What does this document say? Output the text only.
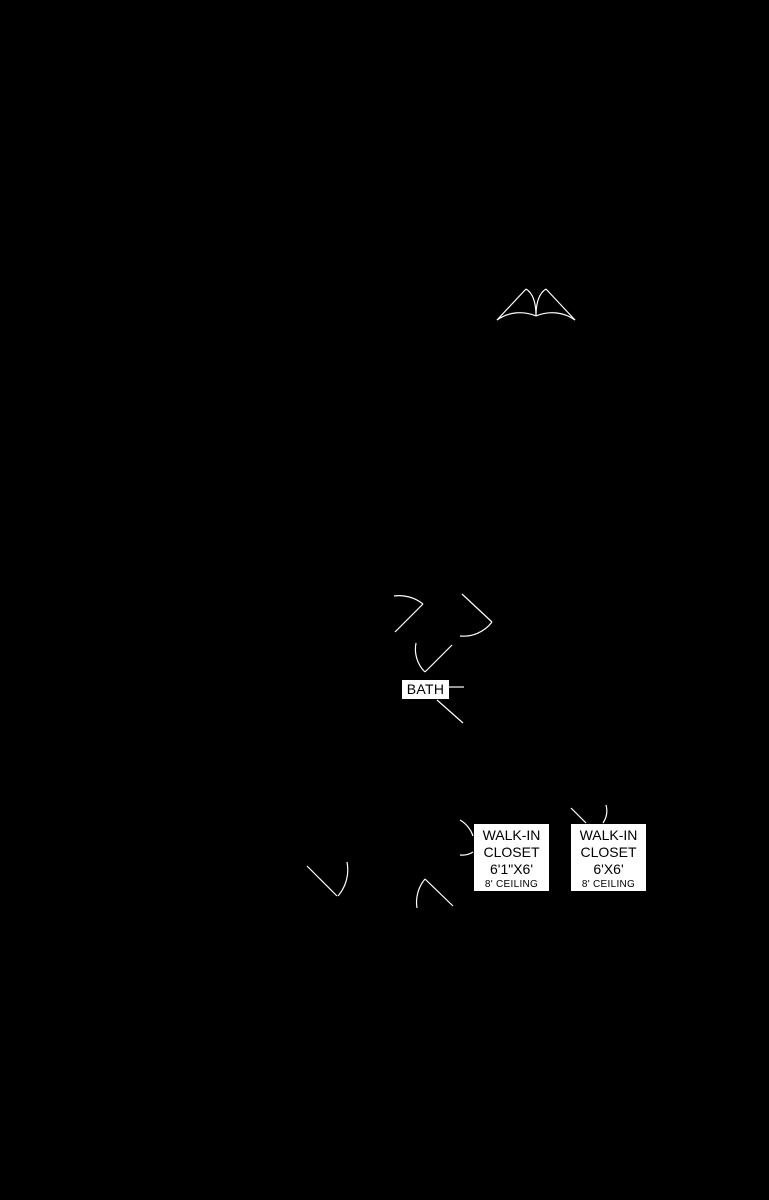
BATH
WALK-IN
CLOSET
6'1"X6'
8' CEILING
WALK-IN
CLOSET
6'X6'
8' CEILING
